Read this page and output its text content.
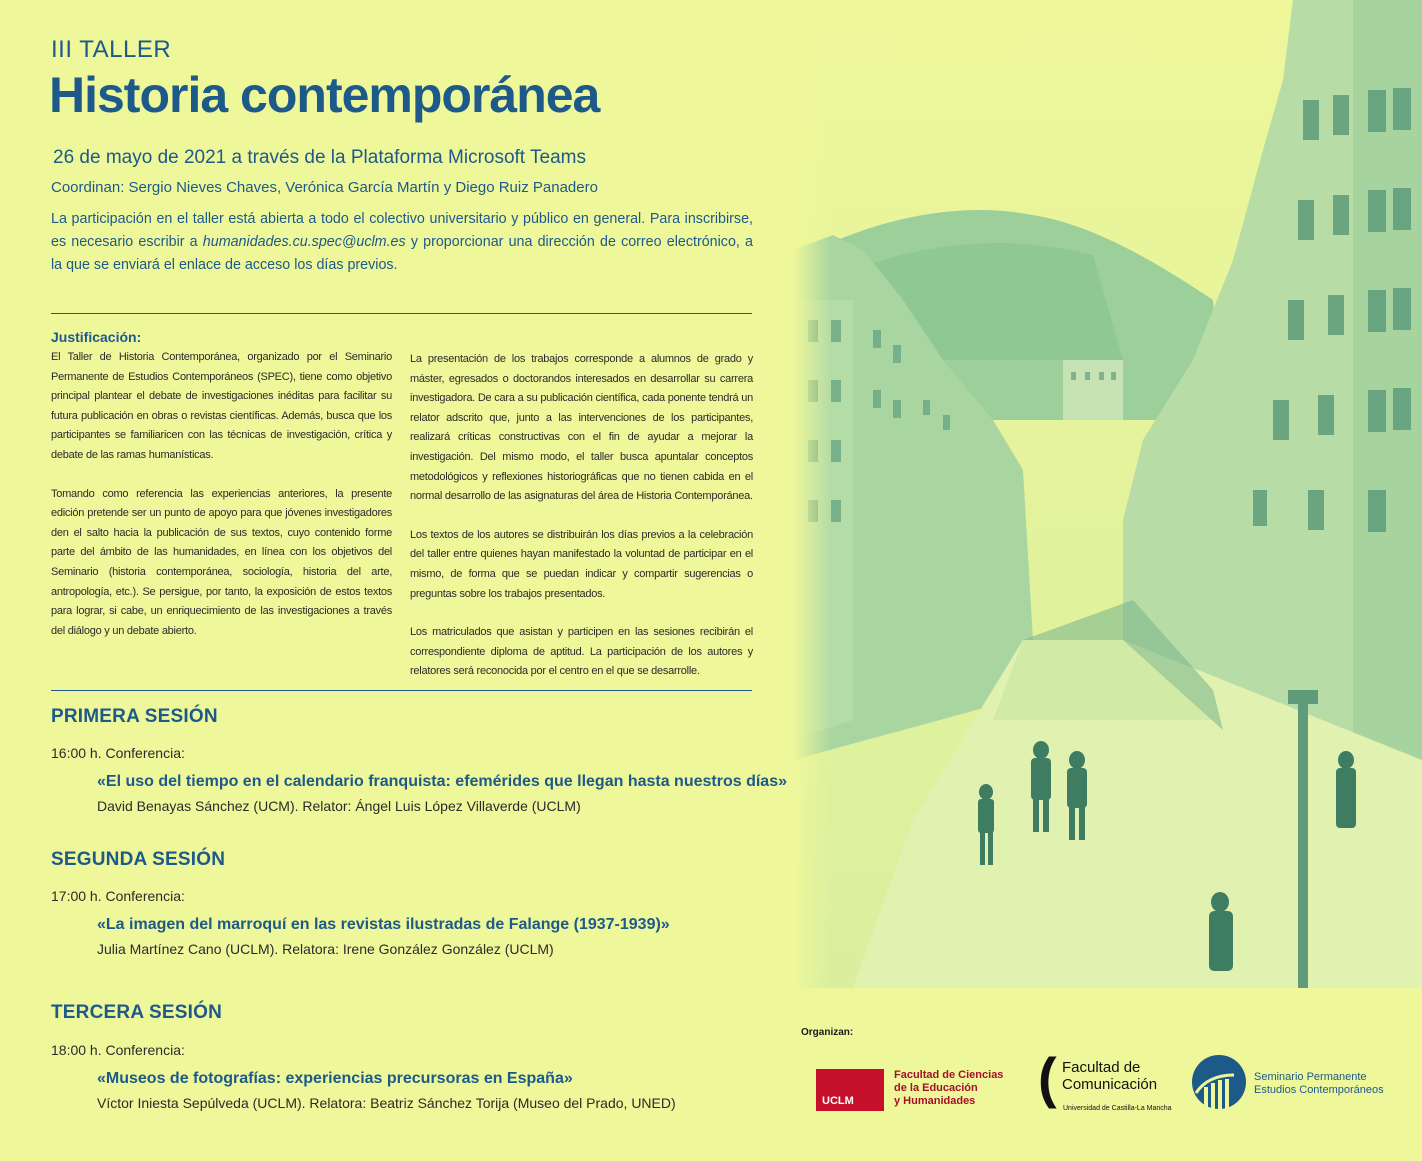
III TALLER
Historia contemporánea
26 de mayo de 2021 a través de la Plataforma Microsoft Teams
Coordinan: Sergio Nieves Chaves, Verónica García Martín y Diego Ruiz Panadero
La participación en el taller está abierta a todo el colectivo universitario y público en general. Para inscribirse, es necesario escribir a humanidades.cu.spec@uclm.es y proporcionar una dirección de correo electrónico, a la que se enviará el enlace de acceso los días previos.
Justificación:

El Taller de Historia Contemporánea, organizado por el Seminario Permanente de Estudios Contemporáneos (SPEC), tiene como objetivo principal plantear el debate de investigaciones inéditas para facilitar su futura publicación en obras o revistas científicas. Además, busca que los participantes se familiaricen con las técnicas de investigación, crítica y debate de las ramas humanísticas.

Tomando como referencia las experiencias anteriores, la presente edición pretende ser un punto de apoyo para que jóvenes investigadores den el salto hacia la publicación de sus textos, cuyo contenido forme parte del ámbito de las humanidades, en línea con los objetivos del Seminario (historia contemporánea, sociología, historia del arte, antropología, etc.). Se persigue, por tanto, la exposición de estos textos para lograr, si cabe, un enriquecimiento de las investigaciones a través del diálogo y un debate abierto.

La presentación de los trabajos corresponde a alumnos de grado y máster, egresados o doctorandos interesados en desarrollar su carrera investigadora. De cara a su publicación científica, cada ponente tendrá un relator adscrito que, junto a las intervenciones de los participantes, realizará críticas constructivas con el fin de ayudar a mejorar la investigación. Del mismo modo, el taller busca apuntalar conceptos metodológicos y reflexiones historiográficas que no tienen cabida en el normal desarrollo de las asignaturas del área de Historia Contemporánea.

Los textos de los autores se distribuirán los días previos a la celebración del taller entre quienes hayan manifestado la voluntad de participar en el mismo, de forma que se puedan indicar y compartir sugerencias o preguntas sobre los trabajos presentados.

Los matriculados que asistan y participen en las sesiones recibirán el correspondiente diploma de aptitud. La participación de los autores y relatores será reconocida por el centro en el que se desarrolle.

PRIMERA SESIÓN
16:00 h. Conferencia:
«El uso del tiempo en el calendario franquista: efemérides que llegan hasta nuestros días»
David Benayas Sánchez (UCM). Relator: Ángel Luis López Villaverde (UCLM)
SEGUNDA SESIÓN
17:00 h. Conferencia:
«La imagen del marroquí en las revistas ilustradas de Falange (1937-1939)»
Julia Martínez Cano (UCLM). Relatora: Irene González González (UCLM)
TERCERA SESIÓN
18:00 h. Conferencia:
«Museos de fotografías: experiencias precursoras en España»
Víctor Iniesta Sepúlveda (UCLM). Relatora: Beatriz Sánchez Torija (Museo del Prado, UNED)
Organizan:
UCLM
Facultad de Ciencias
de la Educación
y Humanidades	( Facultad de
Comunicación
Universidad de Castilla-La Mancha
Seminario Permanente
Estudios Contemporáneos
